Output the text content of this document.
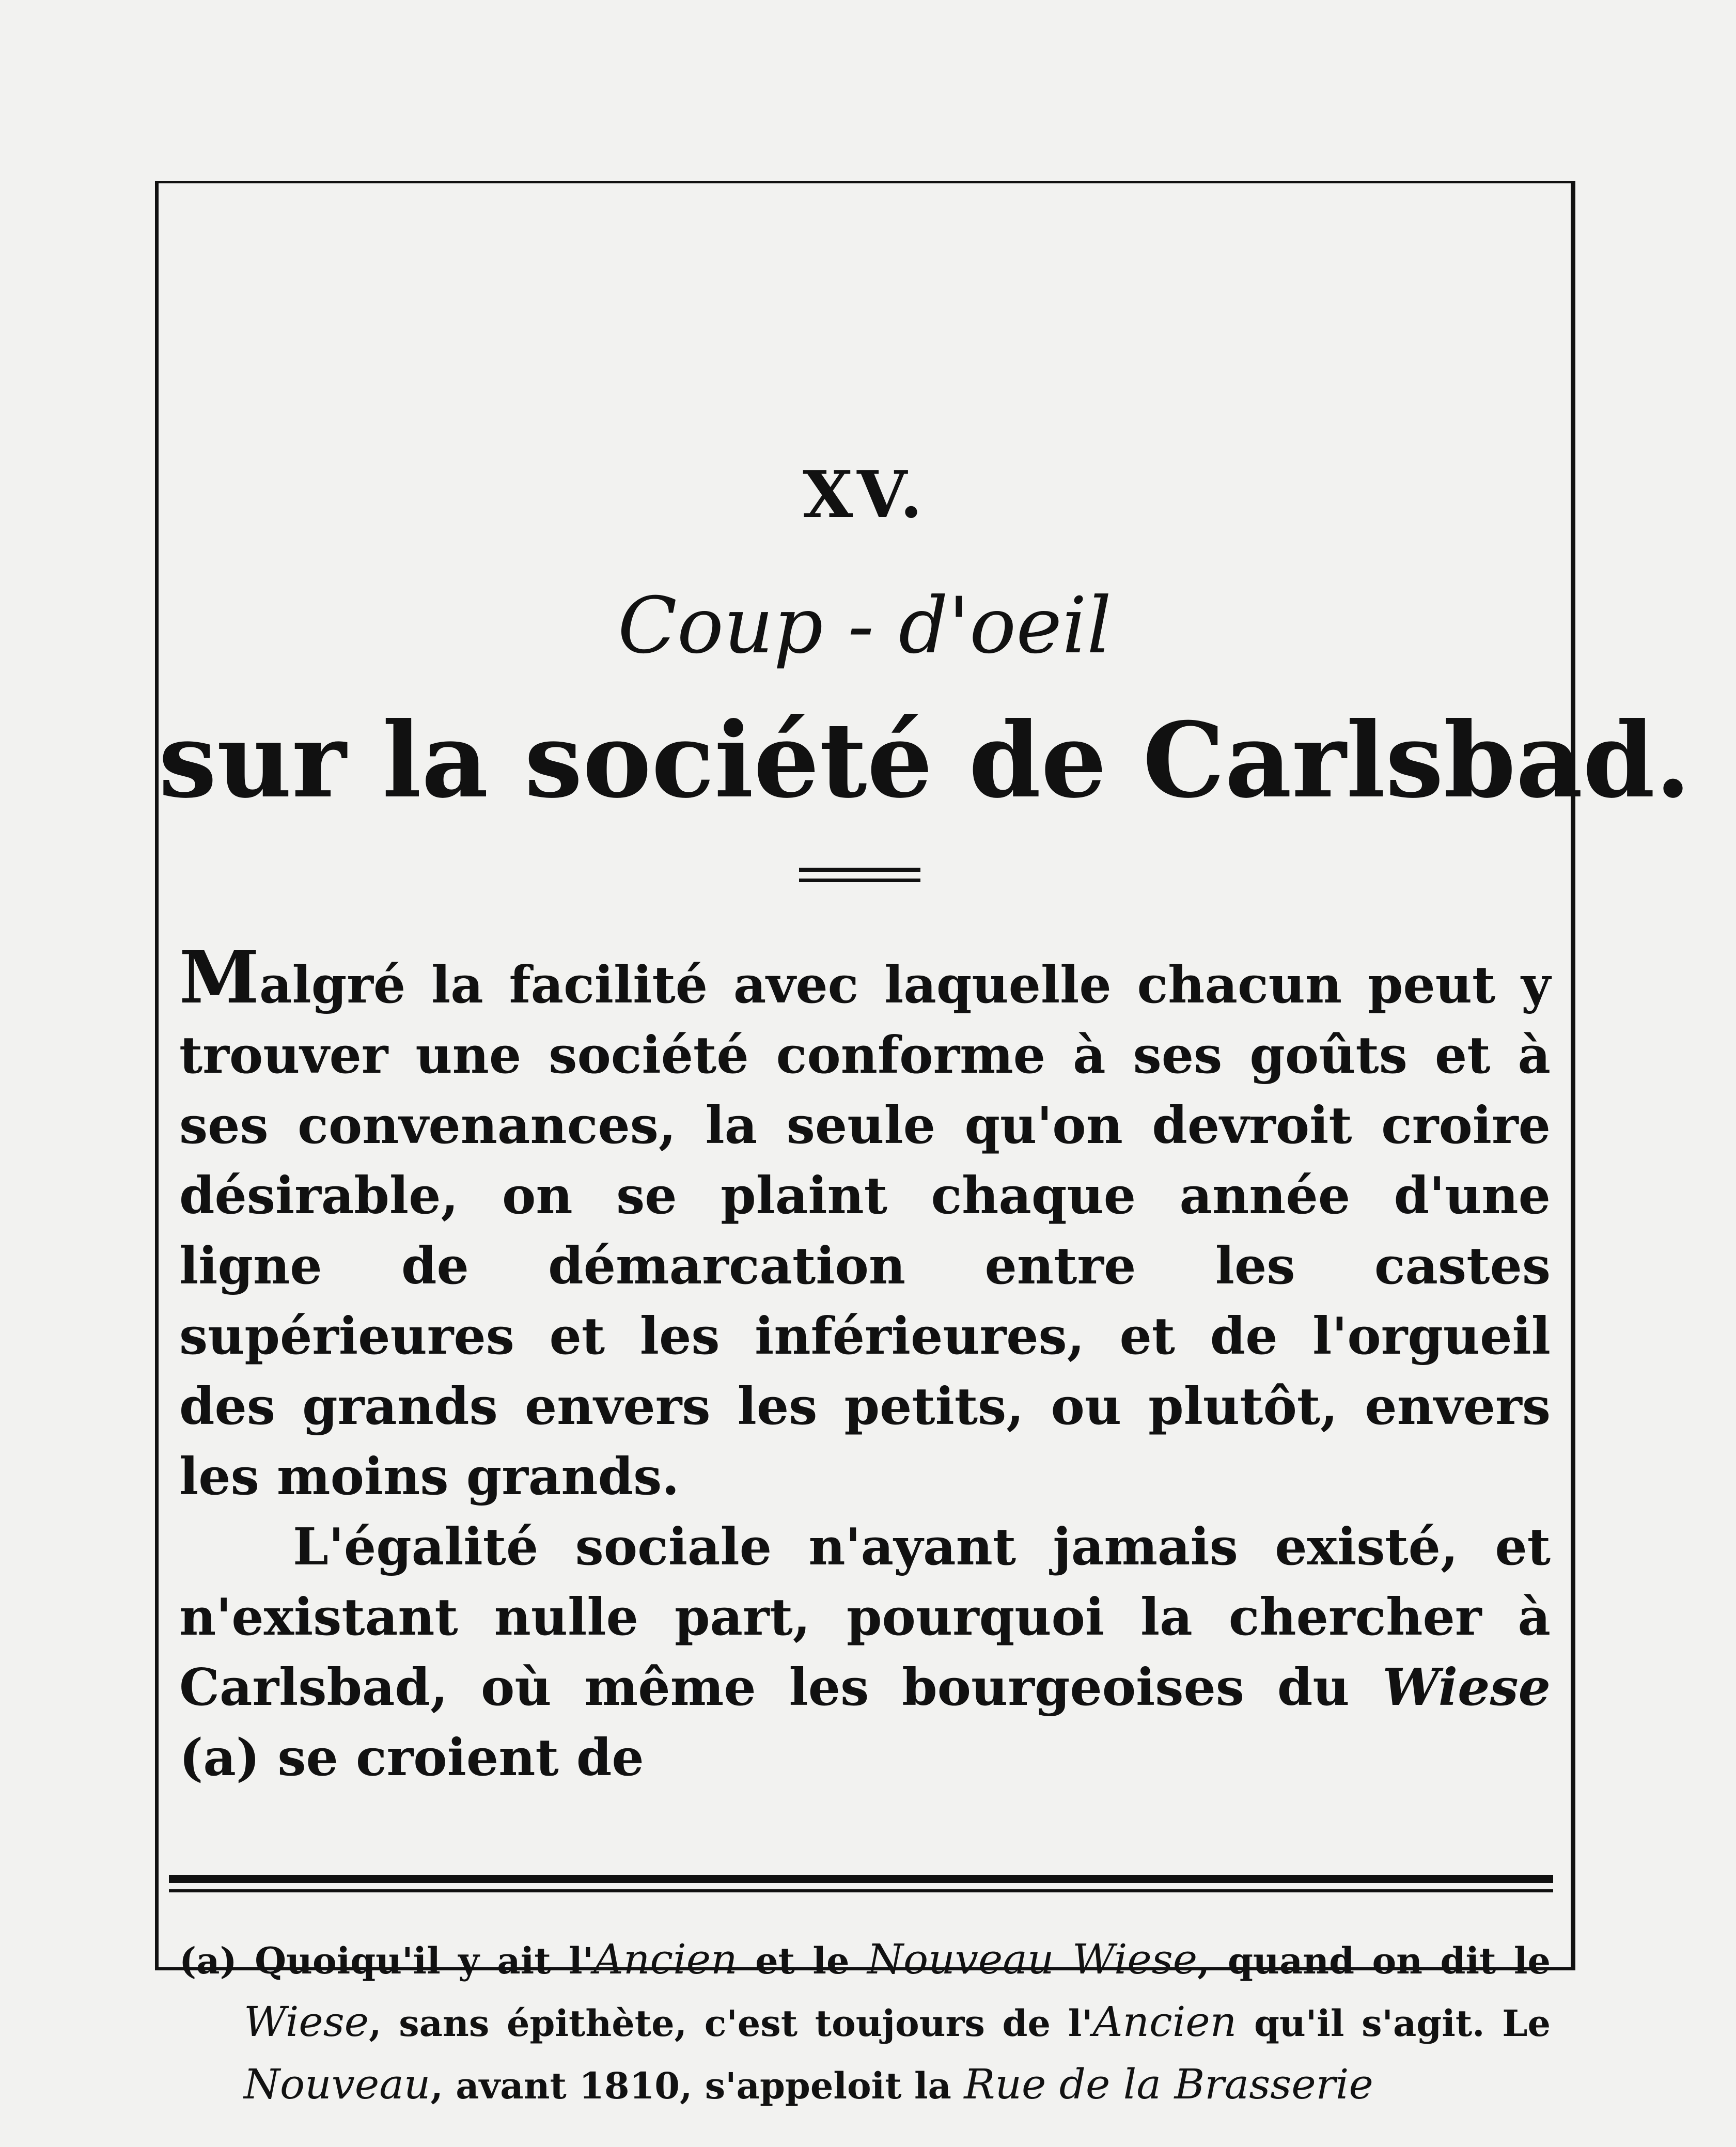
XV.
Coup - d'oeil
sur la société de Carlsbad.

Malgré la facilité avec laquelle chacun peut y trouver une société conforme à ses goûts et à ses convenances, la seule qu'on devroit croire désirable, on se plaint chaque année d'une ligne de démarcation entre les castes supérieures et les inférieures, et de l'orgueil des grands envers les petits, ou plutôt, envers les moins grands.

L'égalité sociale n'ayant jamais existé, et n'existant nulle part, pourquoi la chercher à Carlsbad, où même les bourgeoises du Wiese (a) se croient de

(a) Quoiqu'il y ait l'Ancien et le Nouveau Wiese, quand on dit le Wiese, sans épithète, c'est toujours de l'Ancien qu'il s'agit. Le Nouveau, avant 1810, s'appeloit la Rue de la Brasserie
